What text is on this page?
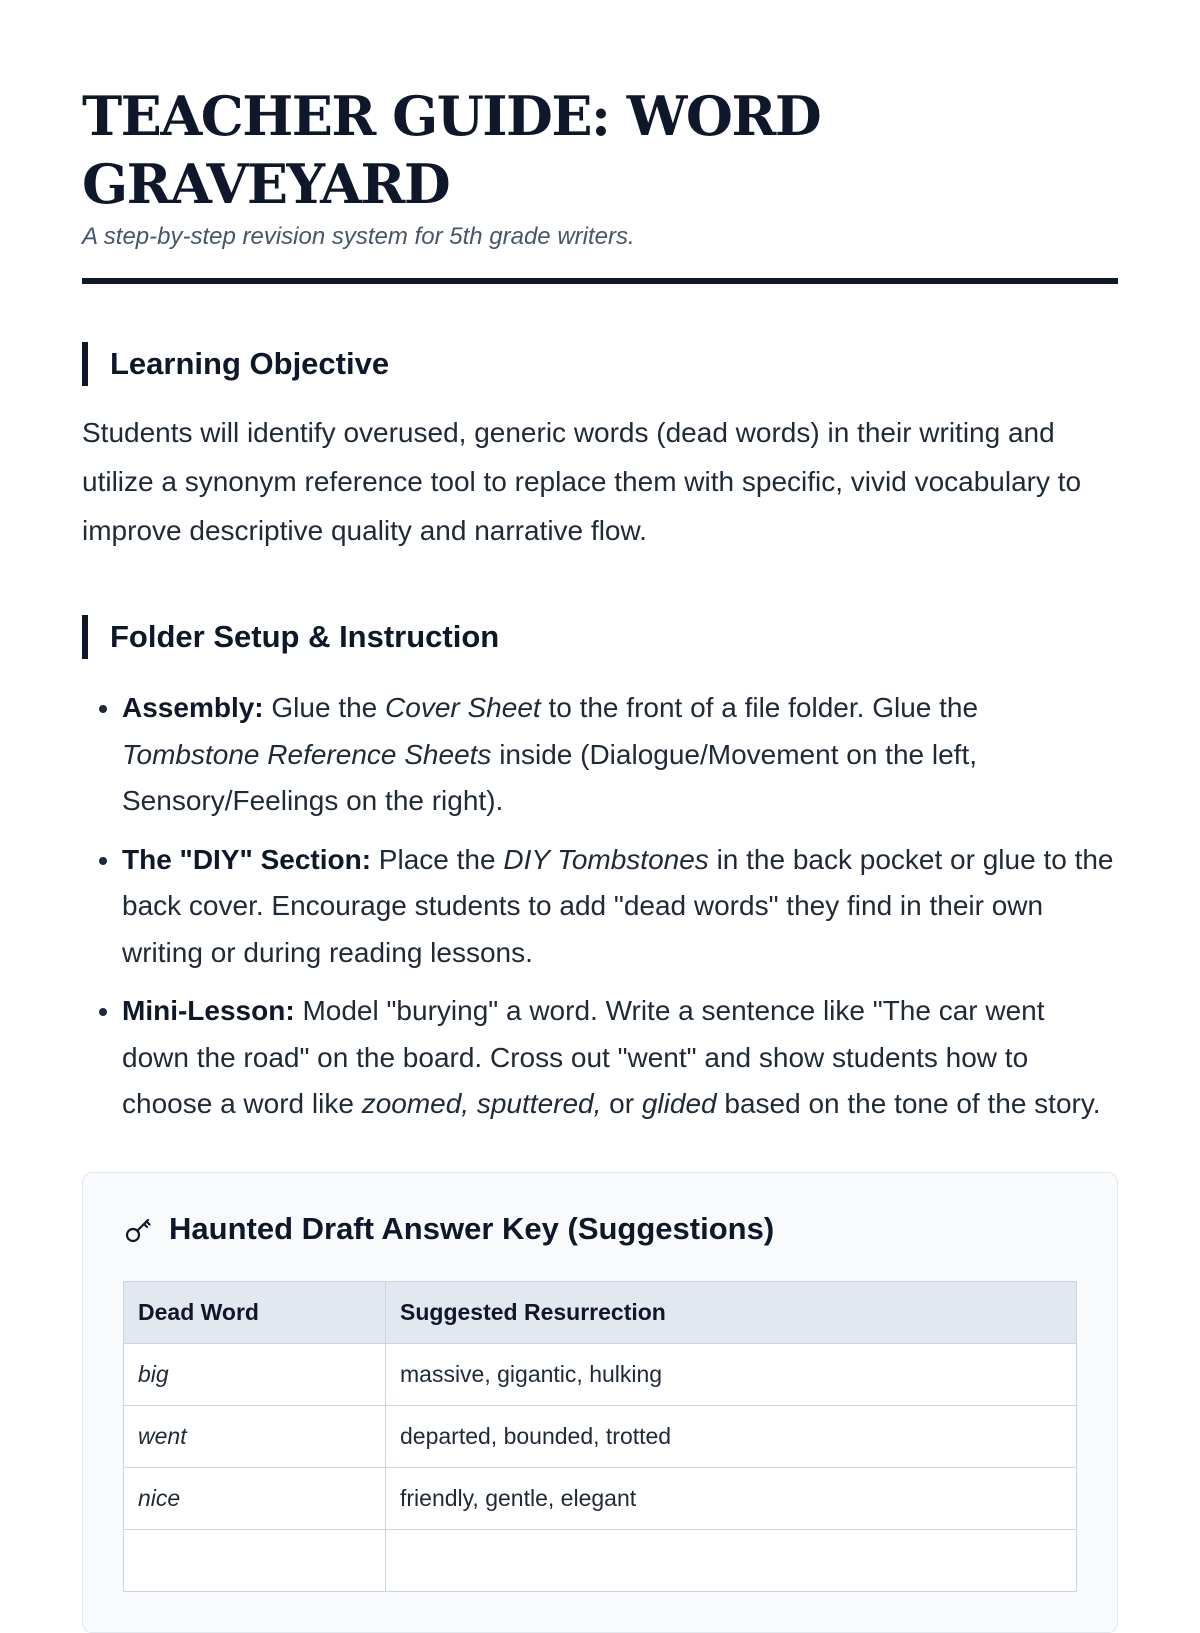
TEACHER GUIDE: WORD GRAVEYARD

A step-by-step revision system for 5th grade writers.

Learning Objective

Students will identify overused, generic words (dead words) in their writing and utilize a synonym reference tool to replace them with specific, vivid vocabulary to improve descriptive quality and narrative flow.

Folder Setup & Instruction
• Assembly: Glue the Cover Sheet to the front of a file folder. Glue the Tombstone Reference Sheets inside (Dialogue/Movement on the left, Sensory/Feelings on the right).
• The "DIY" Section: Place the DIY Tombstones in the back pocket or glue to the back cover. Encourage students to add "dead words" they find in their own writing or during reading lessons.
• Mini-Lesson: Model "burying" a word. Write a sentence like "The car went down the road" on the board. Cross out "went" and show students how to choose a word like zoomed, sputtered, or glided based on the tone of the story.
Haunted Draft Answer Key (Suggestions)
Dead Word	Suggested Resurrection
big	massive, gigantic, hulking
went	departed, bounded, trotted
nice	friendly, gentle, elegant
